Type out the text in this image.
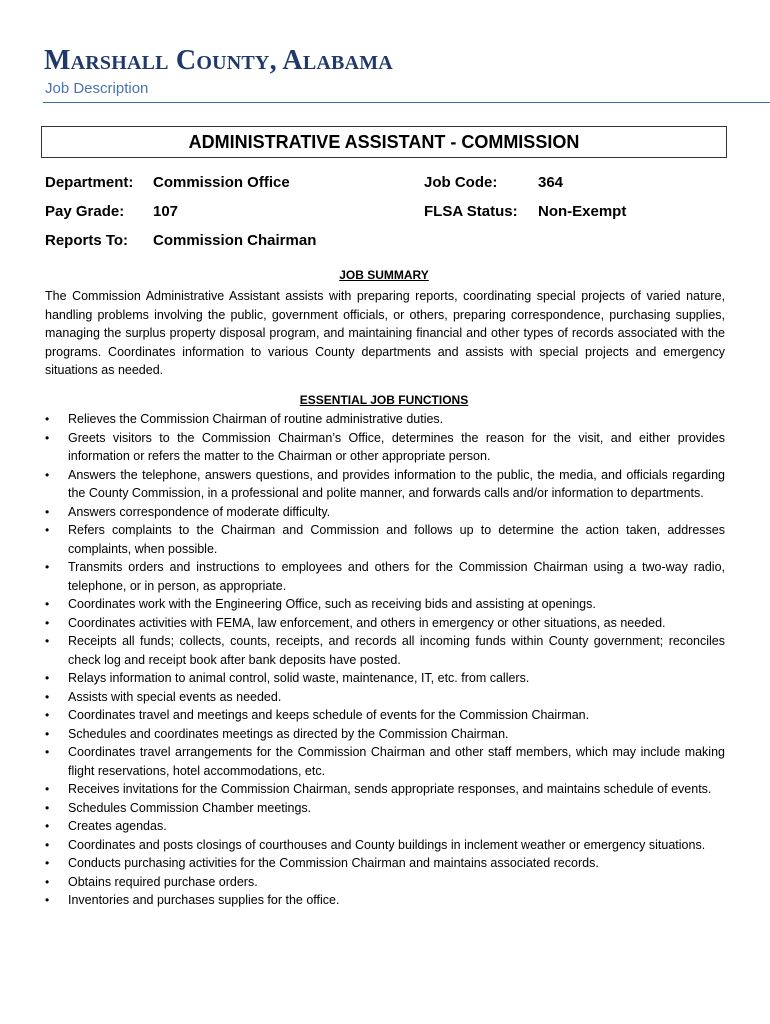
Marshall County, Alabama
Job Description
ADMINISTRATIVE ASSISTANT - COMMISSION
Department: Commission Office	Job Code:	364
Pay Grade: 107	FLSA Status: Non-Exempt
Reports To: Commission Chairman
JOB SUMMARY

The Commission Administrative Assistant assists with preparing reports, coordinating special projects of varied nature, handling problems involving the public, government officials, or others, preparing correspondence, purchasing supplies, managing the surplus property disposal program, and maintaining financial and other types of records associated with the programs. Coordinates information to various County departments and assists with special projects and emergency situations as needed.

ESSENTIAL JOB FUNCTIONS
• Relieves the Commission Chairman of routine administrative duties.
• Greets visitors to the Commission Chairman’s Office, determines the reason for the visit, and either provides information or refers the matter to the Chairman or other appropriate person.
• Answers the telephone, answers questions, and provides information to the public, the media, and officials regarding the County Commission, in a professional and polite manner, and forwards calls and/or information to departments.
• Answers correspondence of moderate difficulty.
• Refers complaints to the Chairman and Commission and follows up to determine the action taken, addresses complaints, when possible.
• Transmits orders and instructions to employees and others for the Commission Chairman using a two-way radio, telephone, or in person, as appropriate.
• Coordinates work with the Engineering Office, such as receiving bids and assisting at openings.
• Coordinates activities with FEMA, law enforcement, and others in emergency or other situations, as needed.
• Receipts all funds; collects, counts, receipts, and records all incoming funds within County government; reconciles check log and receipt book after bank deposits have posted.
• Relays information to animal control, solid waste, maintenance, IT, etc. from callers.
• Assists with special events as needed.
• Coordinates travel and meetings and keeps schedule of events for the Commission Chairman.
• Schedules and coordinates meetings as directed by the Commission Chairman.
• Coordinates travel arrangements for the Commission Chairman and other staff members, which may include making flight reservations, hotel accommodations, etc.
• Receives invitations for the Commission Chairman, sends appropriate responses, and maintains schedule of events.
• Schedules Commission Chamber meetings.
• Creates agendas.
• Coordinates and posts closings of courthouses and County buildings in inclement weather or emergency situations.
• Conducts purchasing activities for the Commission Chairman and maintains associated records.
• Obtains required purchase orders.
• Inventories and purchases supplies for the office.
